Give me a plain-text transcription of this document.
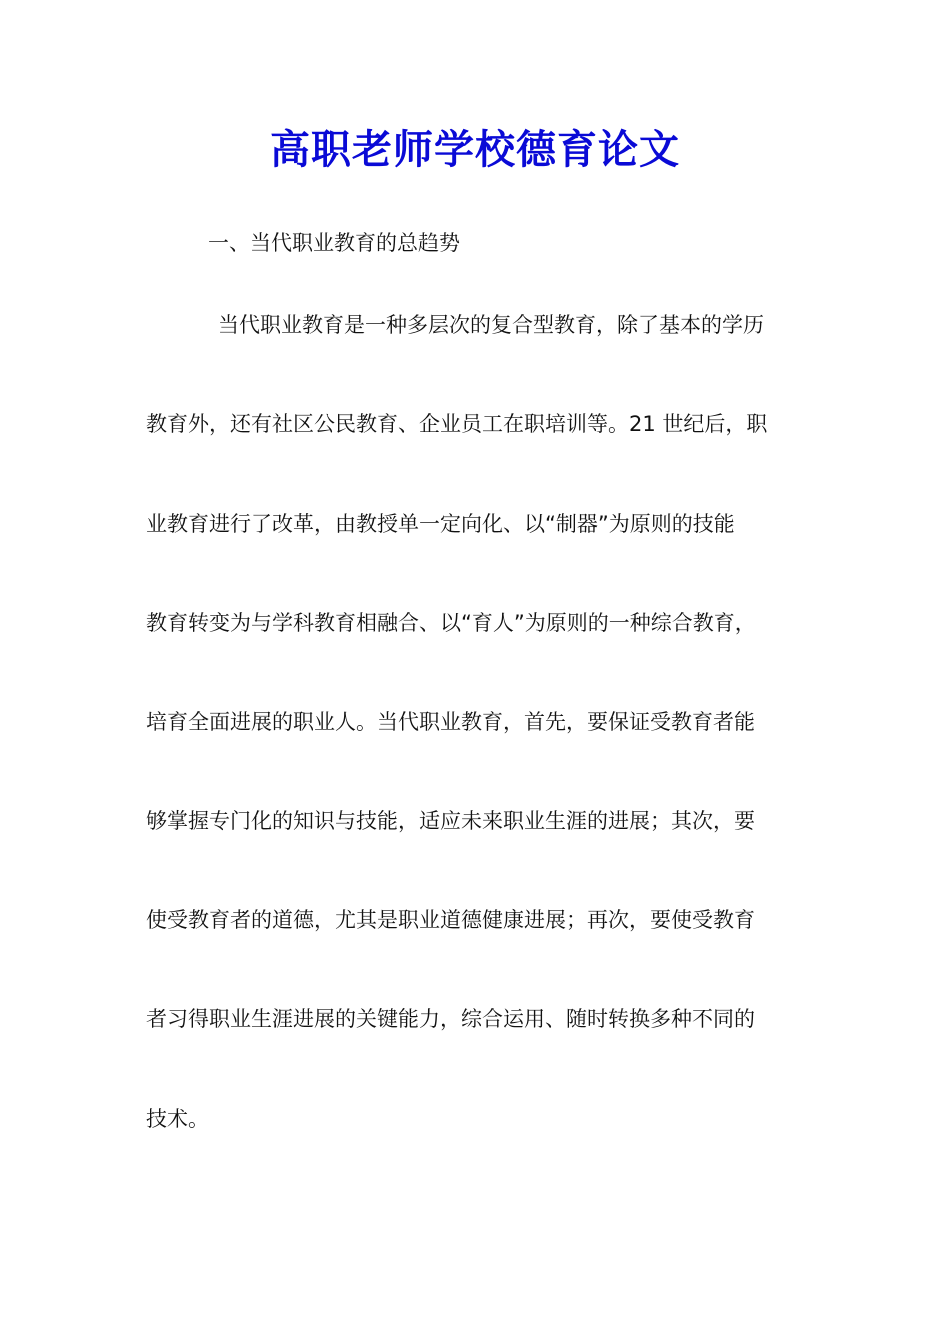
高职老师学校德育论文
一、当代职业教育的总趋势
当代职业教育是一种多层次的复合型教育，除了基本的学历
教育外，还有社区公民教育、企业员工在职培训等。21 世纪后，职
业教育进行了改革，由教授单一定向化、以“制器”为原则的技能
教育转变为与学科教育相融合、以“育人”为原则的一种综合教育，
培育全面进展的职业人。当代职业教育，首先，要保证受教育者能
够掌握专门化的知识与技能，适应未来职业生涯的进展；其次，要
使受教育者的道德，尤其是职业道德健康进展；再次，要使受教育
者习得职业生涯进展的关键能力，综合运用、随时转换多种不同的
技术。
